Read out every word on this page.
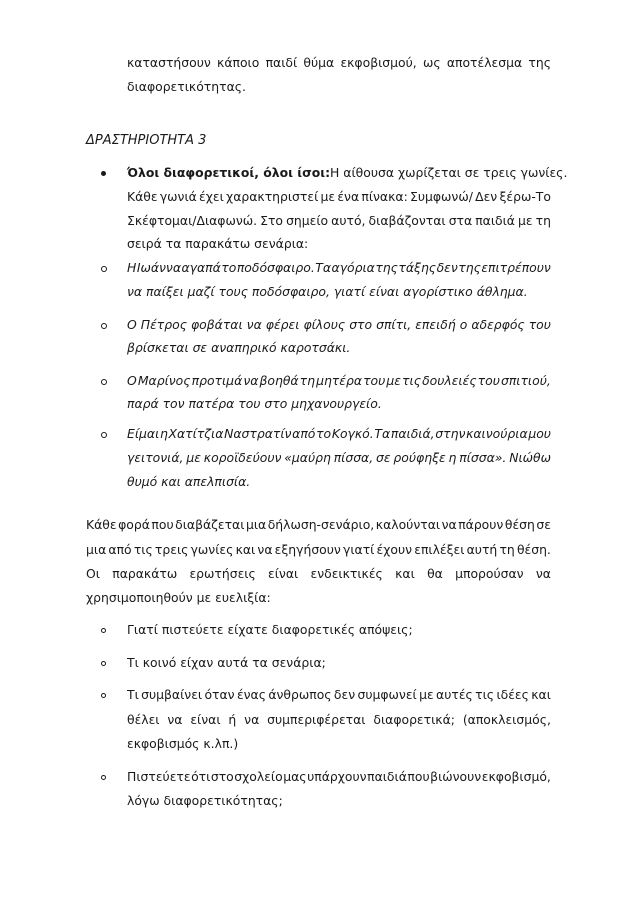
καταστήσουν κάποιο παιδί θύμα εκφοβισμού, ως αποτέλεσμα της
διαφορετικότητας.
ΔΡΑΣΤΗΡΙΟΤΗΤΑ 3
Όλοι διαφορετικοί, όλοι ίσοι: Η αίθουσα χωρίζεται σε τρεις γωνίες.
Κάθε γωνιά έχει χαρακτηριστεί με ένα πίνακα: Συμφωνώ/ Δεν ξέρω-Το
Σκέφτομαι/Διαφωνώ. Στο σημείο αυτό, διαβάζονται στα παιδιά με τη
σειρά τα παρακάτω σενάρια:
Η Ιωάννα αγαπά το ποδόσφαιρο. Τα αγόρια της τάξης δεν της επιτρέπουν
να παίξει μαζί τους ποδόσφαιρο, γιατί είναι αγορίστικο άθλημα.
Ο Πέτρος φοβάται να φέρει φίλους στο σπίτι, επειδή ο αδερφός του
βρίσκεται σε αναπηρικό καροτσάκι.
Ο Μαρίνος προτιμά να βοηθά τη μητέρα του με τις δουλειές του σπιτιού,
παρά τον πατέρα του στο μηχανουργείο.
Είμαι η Χατίτζια Ναστρατίν από το Κογκό. Τα παιδιά, στην καινούρια μου
γειτονιά, με κοροϊδεύουν «μαύρη πίσσα, σε ρούφηξε η πίσσα». Νιώθω
θυμό και απελπισία.
Κάθε φορά που διαβάζεται μια δήλωση-σενάριο, καλούνται να πάρουν θέση σε
μια από τις τρεις γωνίες και να εξηγήσουν γιατί έχουν επιλέξει αυτή τη θέση.
Οι παρακάτω ερωτήσεις είναι ενδεικτικές και θα μπορούσαν να
χρησιμοποιηθούν με ευελιξία:
Γιατί πιστεύετε είχατε διαφορετικές απόψεις;
Τι κοινό είχαν αυτά τα σενάρια;
Τι συμβαίνει όταν ένας άνθρωπος δεν συμφωνεί με αυτές τις ιδέες και
θέλει να είναι ή να συμπεριφέρεται διαφορετικά; (αποκλεισμός,
εκφοβισμός κ.λπ.)
Πιστεύετε ότι στο σχολείο μας υπάρχουν παιδιά που βιώνουν εκφοβισμό,
λόγω διαφορετικότητας;
